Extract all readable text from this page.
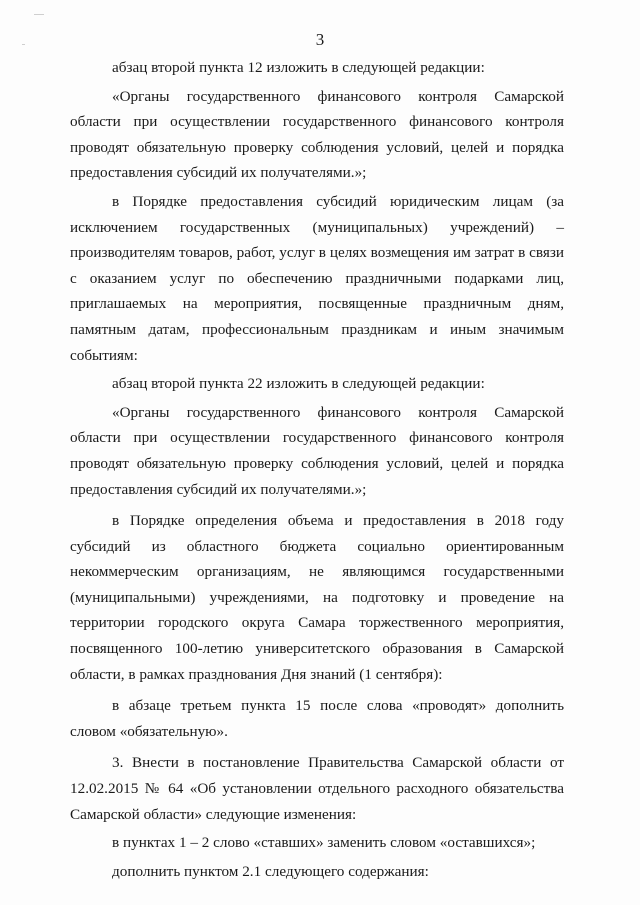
3

абзац второй пункта 12 изложить в следующей редакции:

«Органы государственного финансового контроля Самарской области при осуществлении государственного финансового контроля проводят обязательную проверку соблюдения условий, целей и порядка предоставления субсидий их получателями.»;

в Порядке предоставления субсидий юридическим лицам (за исключением государственных (муниципальных) учреждений) – производителям товаров, работ, услуг в целях возмещения им затрат в связи с оказанием услуг по обеспечению праздничными подарками лиц, приглашаемых на мероприятия, посвященные праздничным дням, памятным датам, профессиональным праздникам и иным значимым событиям:

абзац второй пункта 22 изложить в следующей редакции:

«Органы государственного финансового контроля Самарской области при осуществлении государственного финансового контроля проводят обязательную проверку соблюдения условий, целей и порядка предоставления субсидий их получателями.»;

в Порядке определения объема и предоставления в 2018 году субсидий из областного бюджета социально ориентированным некоммерческим организациям, не являющимся государственными (муниципальными) учреждениями, на подготовку и проведение на территории городского округа Самара торжественного мероприятия, посвященного 100-летию университетского образования в Самарской области, в рамках празднования Дня знаний (1 сентября):

в абзаце третьем пункта 15 после слова «проводят» дополнить словом «обязательную».

3. Внести в постановление Правительства Самарской области от 12.02.2015 № 64 «Об установлении отдельного расходного обязательства Самарской области» следующие изменения:

в пунктах 1 – 2 слово «ставших» заменить словом «оставшихся»;

дополнить пунктом 2.1 следующего содержания:
